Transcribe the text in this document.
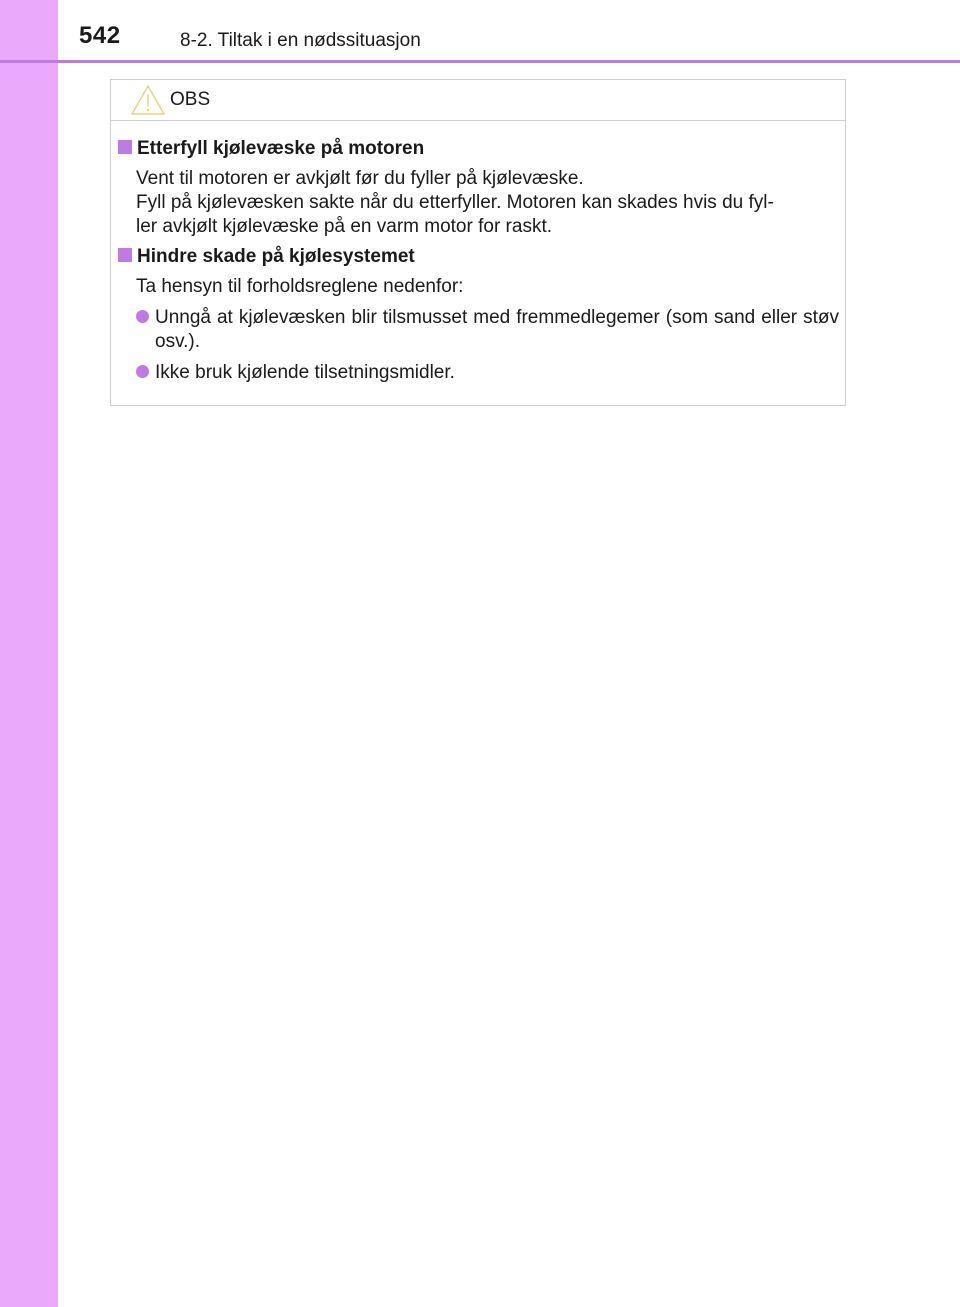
542	8-2. Tiltak i en nødssituasjon
OBS
Etterfyll kjølevæske på motoren
Vent til motoren er avkjølt før du fyller på kjølevæske.
Fyll på kjølevæsken sakte når du etterfyller. Motoren kan skades hvis du fyl-
ler avkjølt kjølevæske på en varm motor for raskt.
Hindre skade på kjølesystemet
Ta hensyn til forholdsreglene nedenfor:
Unngå at kjølevæsken blir tilsmusset med fremmedlegemer (som sand eller støv osv.).
Ikke bruk kjølende tilsetningsmidler.
